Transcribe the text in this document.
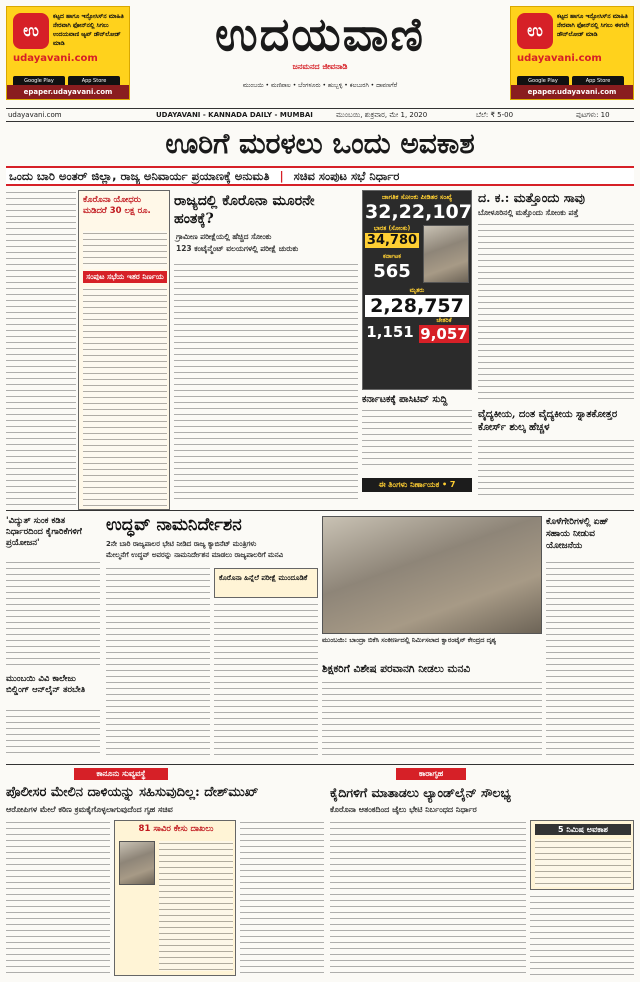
ಉ
ಕಟ್ಟದ ಹಾಗೂ ಇನ್ಫೋಸಿಸ್‌ನ ಮಾಹಿತಿ ನೇರವಾಗಿ ಫೋನ್‌ನಲ್ಲಿ ಸಿಗಲು ಉದಯವಾಣಿ ಆ್ಯಪ್ ಡೌನ್‌ಲೋಡ್ ಮಾಡಿ
udayavani.com
Google Play	App Store
epaper.udayavani.com
ಉ
ಕಟ್ಟದ ಹಾಗೂ ಇನ್ಫೋಸಿಸ್‌ನ ಮಾಹಿತಿ ನೇರವಾಗಿ ಫೋನ್‌ನಲ್ಲಿ ಸಿಗಲು ಈಗಲೇ ಡೌನ್‌ಲೋಡ್ ಮಾಡಿ
udayavani.com
Google Play	App Store
epaper.udayavani.com
ಉದಯವಾಣಿ
ಜನಮನದ ಜೀವನಾಡಿ
ಮುಂಬಯಿ • ಮಣಿಪಾಲ • ಬೆಂಗಳೂರು • ಹುಬ್ಬಳ್ಳಿ • ಕಲಬುರಗಿ • ದಾವಣಗೆರೆ
udayavani.com	UDAYAVANI - KANNADA DAILY - MUMBAI	ಮುಂಬಯಿ, ಶುಕ್ರವಾರ, ಮೇ 1, 2020	ಬೆಲೆ: ₹ 5-00	ಪುಟಗಳು: 10
ಊರಿಗೆ ಮರಳಲು ಒಂದು ಅವಕಾಶ
ಒಂದು ಬಾರಿ ಅಂತರ್ ಜಿಲ್ಲಾ, ರಾಜ್ಯ ಅನಿವಾರ್ಯ ಪ್ರಯಾಣಕ್ಕೆ ಅನುಮತಿ | ಸಚಿವ ಸಂಪುಟ ಸಭೆ ನಿರ್ಧಾರ
ಕೊರೊನಾ ಯೋಧರು ಮಡಿದರೆ 30 ಲಕ್ಷ ರೂ.
ಸಂಪುಟ ಸಭೆಯ ಇತರ ನಿರ್ಣಯ
ರಾಜ್ಯದಲ್ಲಿ ಕೊರೊನಾ ಮೂರನೇ ಹಂತಕ್ಕೆ?
ಗ್ರಾಮೀಣ ಪರೀಕ್ಷೆಯಲ್ಲಿ ಹೆಚ್ಚಿದ ಸೋಂಕು
123 ಕಂಟೈನ್ಮೆಂಟ್ ವಲಯಗಳಲ್ಲಿ ಪರೀಕ್ಷೆ ಚುರುಕು
ಜಾಗತಿಕ ಸೋಂಕು ಪೀಡಿತರ ಸಂಖ್ಯೆ
32,22,107
ಭಾರತ (ಸೋಂಕು)
34,780
ಕರ್ನಾಟಕ
565
ಮೃತರು
2,28,757
1,151
ಚೇತರಿಕೆ
9,057
ಕರ್ನಾಟಕಕ್ಕೆ ಪಾಸಿಟಿವ್ ಸುದ್ದಿ
ಈ ತಿಂಗಳು ನಿರ್ಣಾಯಕ • 7
ದ. ಕ.: ಮತ್ತೊಂದು ಸಾವು
ಬೋಳೂರಿನಲ್ಲಿ ಮತ್ತೊಂದು ಸೋಂಕು ಪತ್ತೆ
ವೈದ್ಯಕೀಯ, ದಂತ ವೈದ್ಯಕೀಯ ಸ್ನಾತಕೋತ್ತರ ಕೋರ್ಸ್ ಶುಲ್ಕ ಹೆಚ್ಚಳ
'ವಿದ್ಯುತ್ ಸುಂಕ ಕಡಿತ ನಿರ್ಧಾರದಿಂದ ಕೈಗಾರಿಕೆಗಳಿಗೆ ಪ್ರಯೋಜನ'
ಮುಂಬಯಿ ವಿವಿ ಕಾಲೇಜು ಬಿಲ್ಡಿಂಗ್ ಆನ್‌ಲೈನ್ ತರಬೇತಿ
ಉದ್ಧವ್ ನಾಮನಿರ್ದೇಶನ
2ನೇ ಬಾರಿ ರಾಜ್ಯಪಾಲರ ಭೇಟಿ ನೀಡಿದ ರಾಜ್ಯ ಕ್ಯಾಬಿನೆಟ್ ಮಂತ್ರಿಗಳು
ಮೇಲ್ಮನೆಗೆ ಉದ್ಧವ್ ಅವರನ್ನು ನಾಮನಿರ್ದೇಶನ ಮಾಡಲು ರಾಜ್ಯಪಾಲರಿಗೆ ಮನವಿ
ಕೊರೊನಾ ಹಿನ್ನೆಲೆ ಪರೀಕ್ಷೆ ಮುಂದೂಡಿಕೆ
ಮುಂಬಯಿ: ಬಾಂದ್ರಾ ಬಿಕೆಸಿ ಸಂಕೀರ್ಣದಲ್ಲಿ ನಿರ್ಮಿಸಲಾದ ಕ್ವಾರಂಟೈನ್ ಕೇಂದ್ರದ ದೃಶ್ಯ
ಶಿಕ್ಷಕರಿಗೆ ವಿಶೇಷ ಪರವಾನಗಿ ನೀಡಲು ಮನವಿ
ಕೊಳೆಗೇರಿಗಳಲ್ಲಿ ಏಹ್ ಸಹಾಯ ನೀಡುವ ಯೋಜನೆಯ
ಕಾನೂನು ಸುವ್ಯವಸ್ಥೆ	ಕಾರಾಗೃಹ
ಪೊಲೀಸರ ಮೇಲಿನ ದಾಳಿಯನ್ನು ಸಹಿಸುವುದಿಲ್ಲ: ದೇಶ್‌ಮುಖ್
ಆರೋಪಿಗಳ ಮೇಲೆ ಕಠಿಣ ಕ್ರಮಕೈಗೊಳ್ಳಲಾಗುವುದೆಂದ ಗೃಹ ಸಚಿವ
81 ಸಾವಿರ ಕೇಸು ದಾಖಲು
ಕೈದಿಗಳಿಗೆ ಮಾತಾಡಲು ಲ್ಯಾಂಡ್‌ಲೈನ್ ಸೌಲಭ್ಯ
ಕೊರೊನಾ ಆತಂಕದಿಂದ ಜೈಲು ಭೇಟಿ ನಿರ್ಬಂಧದ ನಿರ್ಧಾರ
5 ನಿಮಿಷ ಅವಕಾಶ
